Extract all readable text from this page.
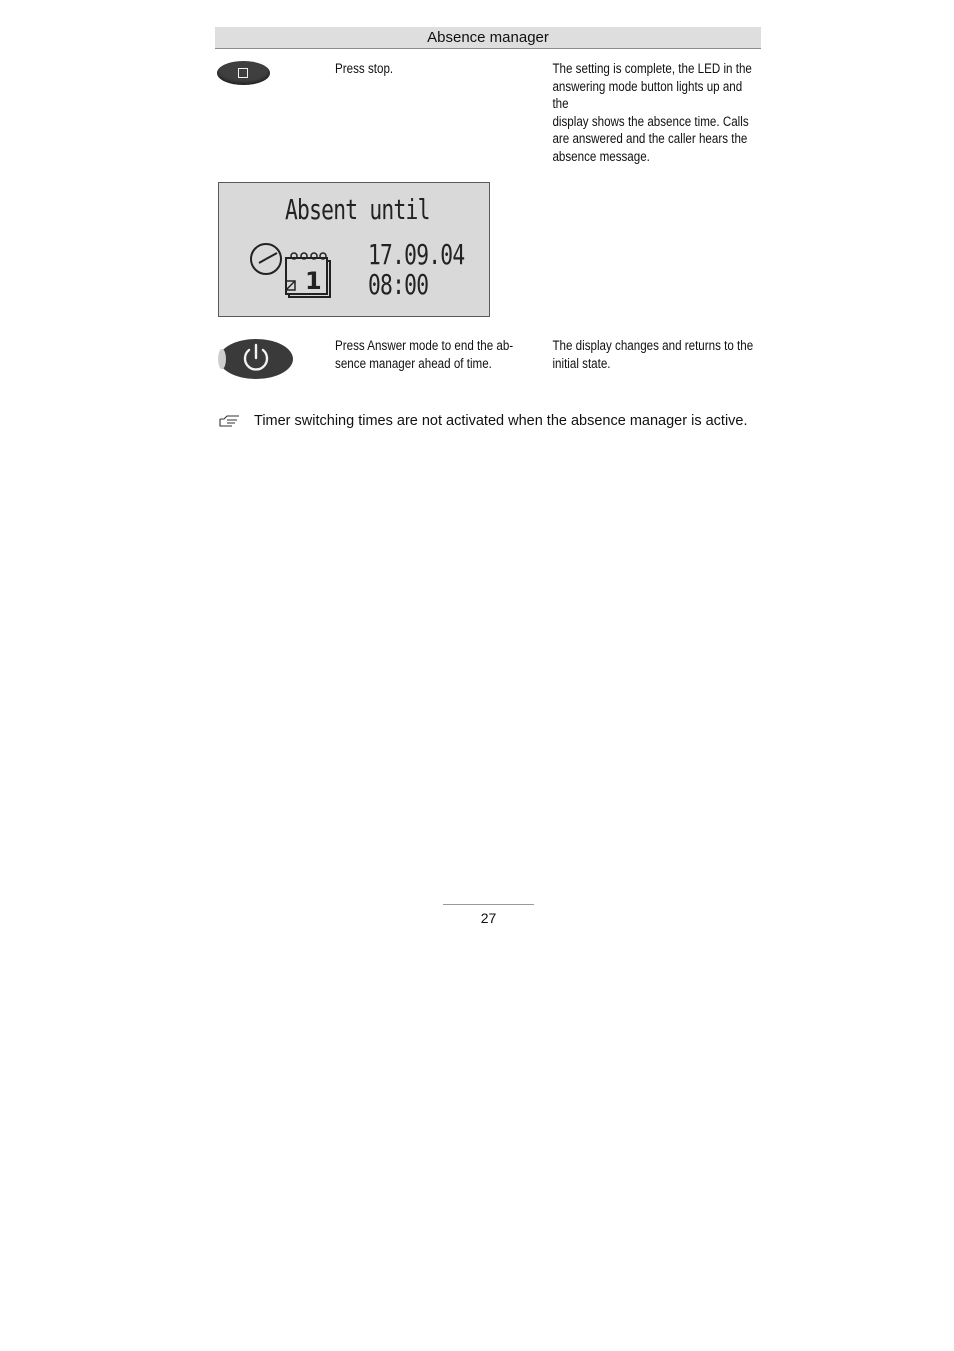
Absence manager
Press stop.	The setting is complete, the LED in the
answering mode button lights up and the
display shows the absence time. Calls
are answered and the caller hears the
absence message.
Absent until
1
17.09.04
08:00
Press Answer mode to end the ab-
sence manager ahead of time.
The display changes and returns to the
initial state.
Timer switching times are not activated when the absence manager is active.
27
